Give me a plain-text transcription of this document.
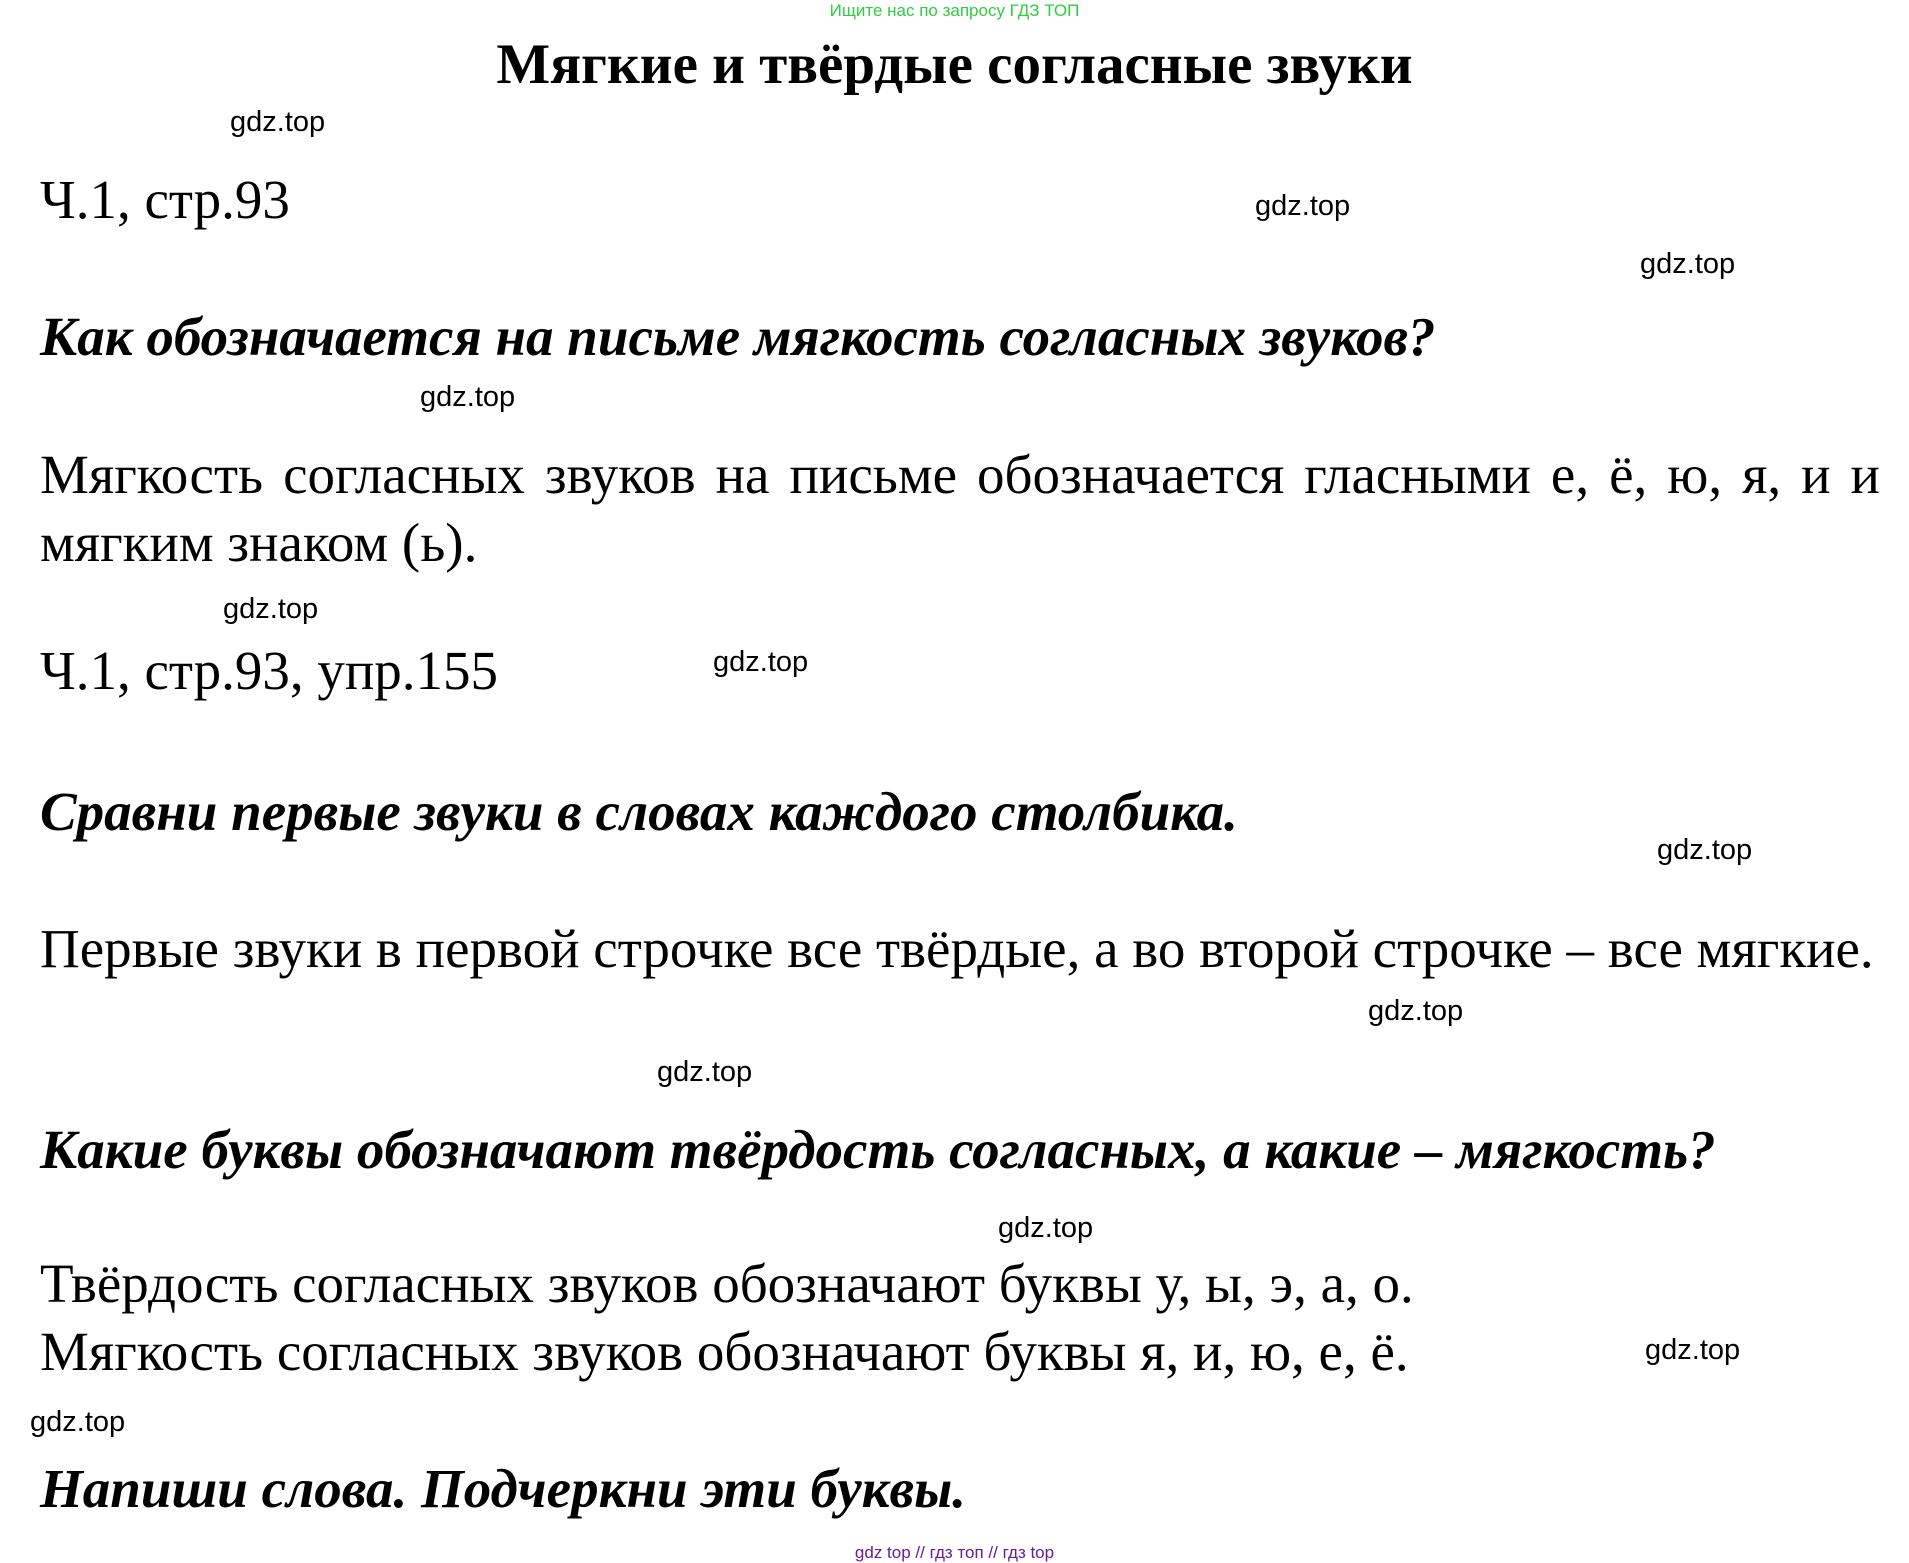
Ищите нас по запросу ГДЗ ТОП
Мягкие и твёрдые согласные звуки
Ч.1, стр.93
Как обозначается на письме мягкость согласных звуков?
Мягкость согласных звуков на письме обозначается гласными е, ё, ю, я, и и мягким знаком (ь).
Ч.1, стр.93, упр.155
Сравни первые звуки в словах каждого столбика.
Первые звуки в первой строчке все твёрдые, а во второй строчке – все мягкие.
Какие буквы обозначают твёрдость согласных, а какие – мягкость?
Твёрдость согласных звуков обозначают буквы у, ы, э, а, о.
Мягкость согласных звуков обозначают буквы я, и, ю, е, ё.
Напиши слова. Подчеркни эти буквы.
gdz.top
gdz.top
gdz.top
gdz.top
gdz.top
gdz.top
gdz.top
gdz.top
gdz.top
gdz.top
gdz.top
gdz.top
gdz top // гдз топ // гдз top
